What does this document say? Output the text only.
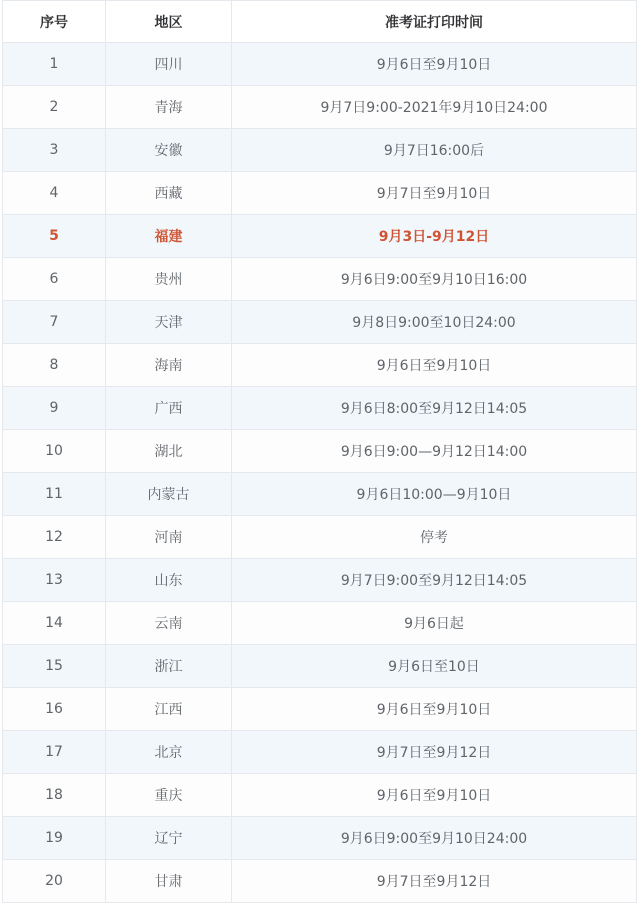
序号	地区	准考证打印时间
1	四川	9月6日至9月10日
2	青海	9月7日9:00-2021年9月10日24:00
3	安徽	9月7日16:00后
4	西藏	9月7日至9月10日
5	福建	9月3日-9月12日
6	贵州	9月6日9:00至9月10日16:00
7	天津	9月8日9:00至10日24:00
8	海南	9月6日至9月10日
9	广西	9月6日8:00至9月12日14:05
10	湖北	9月6日9:00—9月12日14:00
11	内蒙古	9月6日10:00—9月10日
12	河南	停考
13	山东	9月7日9:00至9月12日14:05
14	云南	9月6日起
15	浙江	9月6日至10日
16	江西	9月6日至9月10日
17	北京	9月7日至9月12日
18	重庆	9月6日至9月10日
19	辽宁	9月6日9:00至9月10日24:00
20	甘肃	9月7日至9月12日
